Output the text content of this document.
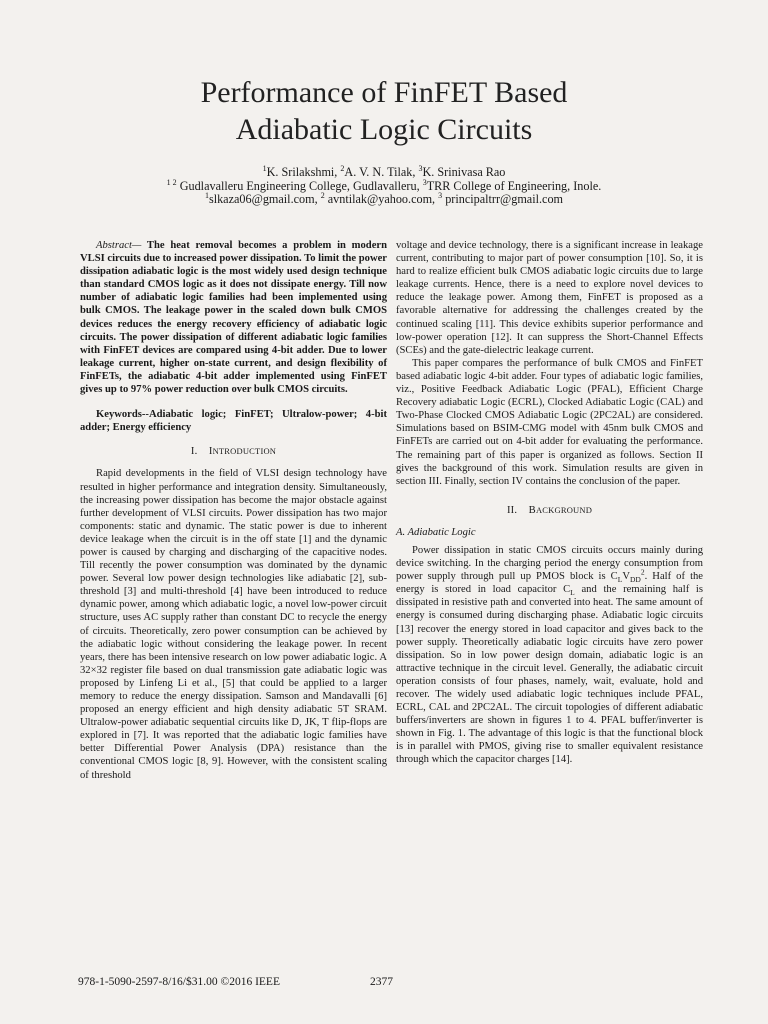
Performance of FinFET Based
Adiabatic Logic Circuits
$^1$K. Srilakshmi, $^2$A. V. N. Tilak, $^3$K. Srinivasa Rao
$^{1 2}$ Gudlavalleru Engineering College, Gudlavalleru, $^3$TRR College of Engineering, Inole.
$^1$slkaza06@gmail.com, $^2$ avntilak@yahoo.com, $^3$ principaltrr@gmail.com

Abstract— The heat removal becomes a problem in modern VLSI circuits due to increased power dissipation. To limit the power dissipation adiabatic logic is the most widely used design technique than standard CMOS logic as it does not dissipate energy. Till now number of adiabatic logic families had been implemented using bulk CMOS. The leakage power in the scaled down bulk CMOS devices reduces the energy recovery efficiency of adiabatic logic circuits. The power dissipation of different adiabatic logic families with FinFET devices are compared using 4-bit adder. Due to lower leakage current, higher on-state current, and design flexibility of FinFETs, the adiabatic 4-bit adder implemented using FinFET gives up to 97% power reduction over bulk CMOS circuits.

Keywords--Adiabatic logic; FinFET; Ultralow-power; 4-bit adder; Energy efficiency

I. INTRODUCTION

Rapid developments in the field of VLSI design technology have resulted in higher performance and integration density. Simultaneously, the increasing power dissipation has become the major obstacle against further development of VLSI circuits. Power dissipation has two major components: static and dynamic. The static power is due to inherent device leakage when the circuit is in the off state [1] and the dynamic power is caused by charging and discharging of the capacitive nodes. Till recently the power consumption was dominated by the dynamic power. Several low power design technologies like adiabatic [2], sub-threshold [3] and multi-threshold [4] have been introduced to reduce dynamic power, among which adiabatic logic, a novel low-power circuit structure, uses AC supply rather than constant DC to recycle the energy of circuits. Theoretically, zero power consumption can be achieved by the adiabatic logic without considering the leakage power. In recent years, there has been intensive research on low power adiabatic logic. A 32×32 register file based on dual transmission gate adiabatic logic was proposed by Linfeng Li et al., [5] that could be applied to a larger memory to reduce the energy dissipation. Samson and Mandavalli [6] proposed an energy efficient and high density adiabatic 5T SRAM. Ultralow-power adiabatic sequential circuits like D, JK, T flip-flops are explored in [7]. It was reported that the adiabatic logic families have better Differential Power Analysis (DPA) resistance than the conventional CMOS logic [8, 9]. However, with the consistent scaling of threshold

voltage and device technology, there is a significant increase in leakage current, contributing to major part of power consumption [10]. So, it is hard to realize efficient bulk CMOS adiabatic logic circuits due to large leakage currents. Hence, there is a need to explore novel devices to reduce the leakage power. Among them, FinFET is proposed as a favorable alternative for addressing the challenges created by the continued scaling [11]. This device exhibits superior performance and low-power operation [12]. It can suppress the Short-Channel Effects (SCEs) and the gate-dielectric leakage current.

This paper compares the performance of bulk CMOS and FinFET based adiabatic logic 4-bit adder. Four types of adiabatic logic families, viz., Positive Feedback Adiabatic Logic (PFAL), Efficient Charge Recovery adiabatic Logic (ECRL), Clocked Adiabatic Logic (CAL) and Two-Phase Clocked CMOS Adiabatic Logic (2PC2AL) are considered. Simulations based on BSIM-CMG model with 45nm bulk CMOS and FinFETs are carried out on 4-bit adder for evaluating the performance. The remaining part of this paper is organized as follows. Section II gives the background of this work. Simulation results are given in section III. Finally, section IV contains the conclusion of the paper.

II. BACKGROUND
A. Adiabatic Logic

Power dissipation in static CMOS circuits occurs mainly during device switching. In the charging period the energy consumption from power supply through pull up PMOS block is $C_LV_{DD}^2$. Half of the energy is stored in load capacitor $C_L$ and the remaining half is dissipated in resistive path and converted into heat. The same amount of energy is consumed during discharging phase. Adiabatic logic circuits [13] recover the energy stored in load capacitor and gives back to the power supply. Theoretically adiabatic logic circuits have zero power dissipation. So in low power design domain, adiabatic logic is an attractive technique in the circuit level. Generally, the adiabatic circuit operation consists of four phases, namely, wait, evaluate, hold and recover. The widely used adiabatic logic techniques include PFAL, ECRL, CAL and 2PC2AL. The circuit topologies of different adiabatic buffers/inverters are shown in figures 1 to 4. PFAL buffer/inverter is shown in Fig. 1. The advantage of this logic is that the functional block is in parallel with PMOS, giving rise to smaller equivalent resistance through which the capacitor charges [14].

978-1-5090-2597-8/16/$31.00 ©2016 IEEE	2377
